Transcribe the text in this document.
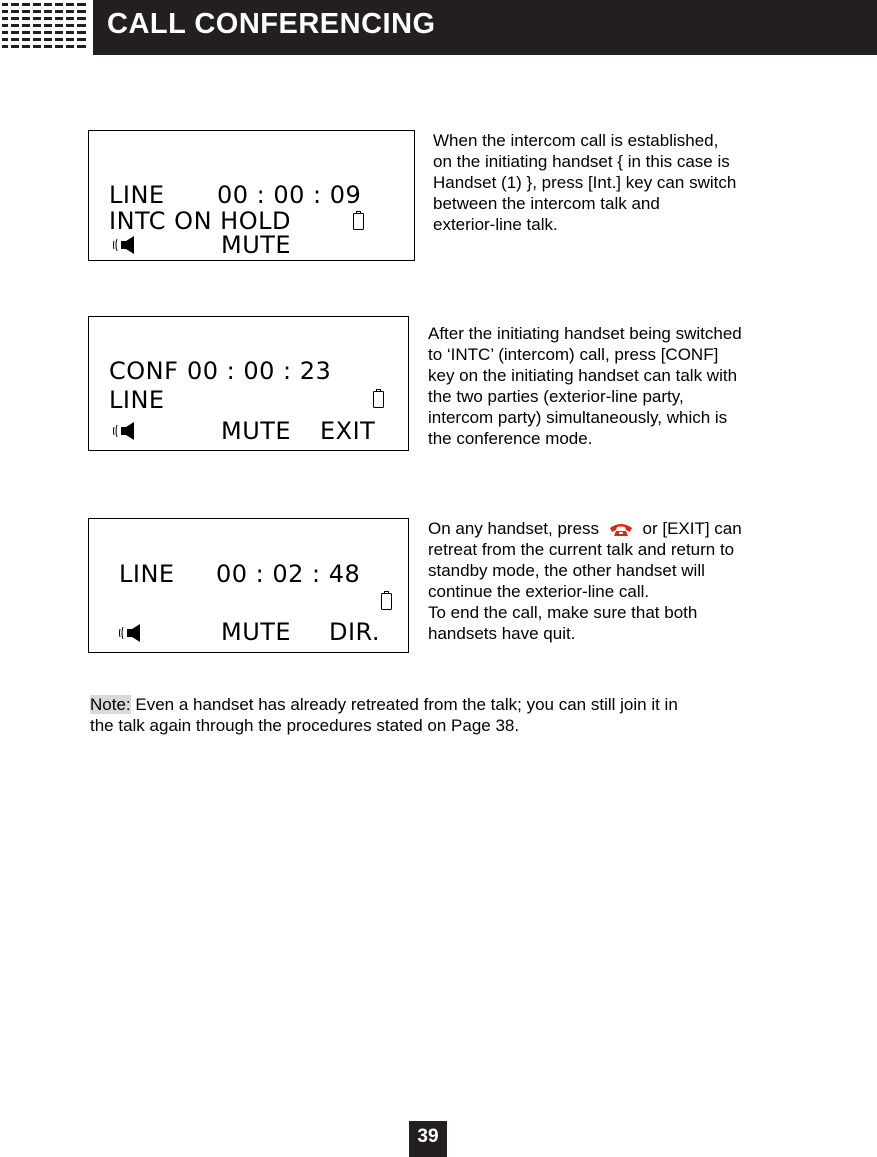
CALL CONFERENCING
LINE 00 : 00 : 09
INTC ON HOLD
MUTE

When the intercom call is established,

on the initiating handset { in this case is

Handset (1) }, press [Int.] key can switch

between the intercom talk and

exterior-line talk.

CONF 00 : 00 : 23
LINE
MUTE EXIT

After the initiating handset being switched

to ‘INTC’ (intercom) call, press [CONF]

key on the initiating handset can talk with

the two parties (exterior-line party,

intercom party) simultaneously, which is

the conference mode.

LINE 00 : 02 : 48
MUTE DIR.

On any handset, press	or [EXIT] can

retreat from the current talk and return to

standby mode, the other handset will

continue the exterior-line call.

To end the call, make sure that both

handsets have quit.

Note: Even a handset has already retreated from the talk; you can still join it in
the talk again through the procedures stated on Page 38.
39
